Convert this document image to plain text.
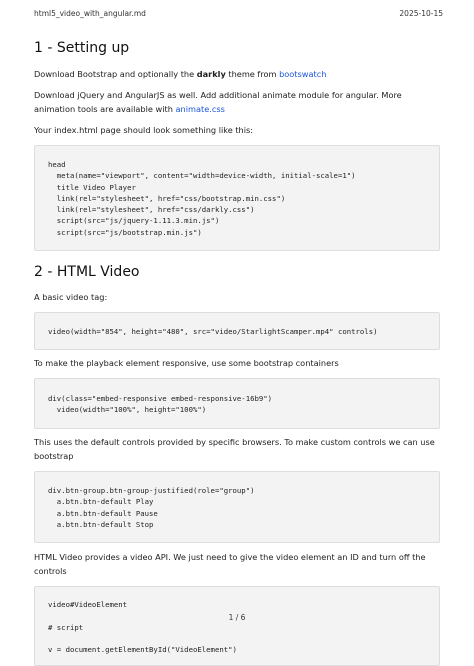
html5_video_with_angular.md	2025-10-15
1 - Setting up

Download Bootstrap and optionally the darkly theme from bootswatch

Download jQuery and AngularJS as well. Add additional animate module for angular. More animation tools are available with animate.css

Your index.html page should look something like this:

head
meta(name="viewport", content="width=device-width, initial-scale=1")
title Video Player
link(rel="stylesheet", href="css/bootstrap.min.css")
link(rel="stylesheet", href="css/darkly.css")
script(src="js/jquery-1.11.3.min.js")
script(src="js/bootstrap.min.js")
2 - HTML Video

A basic video tag:

video(width="854", height="480", src="video/StarlightScamper.mp4" controls)

To make the playback element responsive, use some bootstrap containers

div(class="embed-responsive embed-responsive-16b9")
video(width="100%", height="100%")

This uses the default controls provided by specific browsers. To make custom controls we can use bootstrap

div.btn-group.btn-group-justified(role="group")
a.btn.btn-default Play
a.btn.btn-default Pause
a.btn.btn-default Stop

HTML Video provides a video API. We just need to give the video element an ID and turn off the controls

video#VideoElement

# script

v = document.getElementById("VideoElement")
1 / 6
